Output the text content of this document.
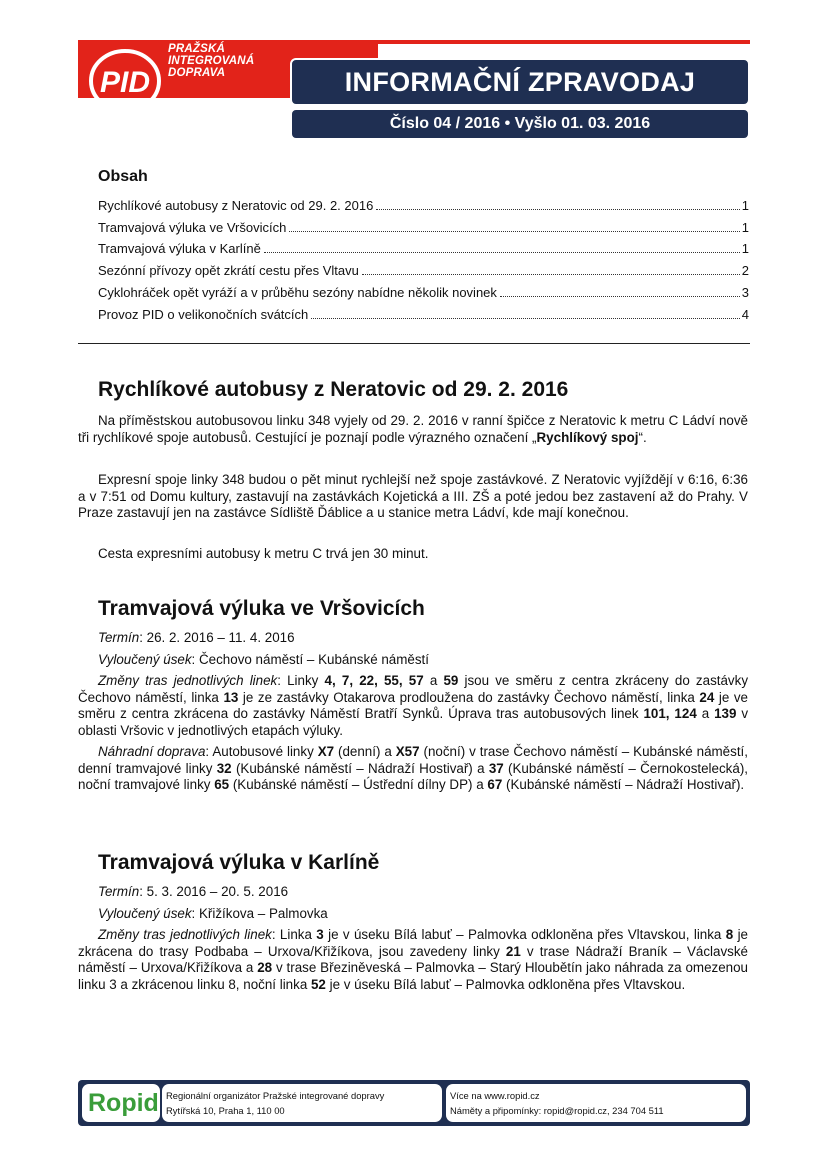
PID
PRAŽSKÁ
INTEGROVANÁ
DOPRAVA	INFORMAČNÍ ZPRAVODAJ
Číslo 04 / 2016 • Vyšlo 01. 03. 2016
Obsah
Rychlíkové autobusy z Neratovic od 29. 2. 2016	1
Tramvajová výluka ve Vršovicích	1
Tramvajová výluka v Karlíně	1
Sezónní přívozy opět zkrátí cestu přes Vltavu	2
Cyklohráček opět vyráží a v průběhu sezóny nabídne několik novinek	3
Provoz PID o velikonočních svátcích	4
Rychlíkové autobusy z Neratovic od 29. 2. 2016
Na příměstskou autobusovou linku 348 vyjely od 29. 2. 2016 v ranní špičce z Neratovic k metru C Ládví nově tři rychlíkové spoje autobusů. Cestující je poznají podle výrazného označení „Rychlíkový spoj“.
Expresní spoje linky 348 budou o pět minut rychlejší než spoje zastávkové. Z Neratovic vyjíždějí v 6:16, 6:36 a v 7:51 od Domu kultury, zastavují na zastávkách Kojetická a III. ZŠ a poté jedou bez zastavení až do Prahy. V Praze zastavují jen na zastávce Sídliště Ďáblice a u stanice metra Ládví, kde mají konečnou.
Cesta expresními autobusy k metru C trvá jen 30 minut.
Tramvajová výluka ve Vršovicích
Termín: 26. 2. 2016 – 11. 4. 2016
Vyloučený úsek: Čechovo náměstí – Kubánské náměstí
Změny tras jednotlivých linek: Linky 4, 7, 22, 55, 57 a 59 jsou ve směru z centra zkráceny do zastávky Čechovo náměstí, linka 13 je ze zastávky Otakarova prodloužena do zastávky Čechovo náměstí, linka 24 je ve směru z centra zkrácena do zastávky Náměstí Bratří Synků. Úprava tras autobusových linek 101, 124 a 139 v oblasti Vršovic v jednotlivých etapách výluky.
Náhradní doprava: Autobusové linky X7 (denní) a X57 (noční) v trase Čechovo náměstí – Kubánské náměstí, denní tramvajové linky 32 (Kubánské náměstí – Nádraží Hostivař) a 37 (Kubánské náměstí – Černokostelecká), noční tramvajové linky 65 (Kubánské náměstí – Ústřední dílny DP) a 67 (Kubánské náměstí – Nádraží Hostivař).
Tramvajová výluka v Karlíně
Termín: 5. 3. 2016 – 20. 5. 2016
Vyloučený úsek: Křižíkova – Palmovka
Změny tras jednotlivých linek: Linka 3 je v úseku Bílá labuť – Palmovka odkloněna přes Vltavskou, linka 8 je zkrácena do trasy Podbaba – Urxova/Křižíkova, jsou zavedeny linky 21 v trase Nádraží Braník – Václavské náměstí – Urxova/Křižíkova a 28 v trase Březiněveská – Palmovka – Starý Hloubětín jako náhrada za omezenou linku 3 a zkrácenou linku 8, noční linka 52 je v úseku Bílá labuť – Palmovka odkloněna přes Vltavskou.
Ropid Regionální organizátor Pražské integrované dopravy
Rytířská 10, Praha 1, 110 00
Více na www.ropid.cz
Náměty a připomínky: ropid@ropid.cz, 234 704 511
